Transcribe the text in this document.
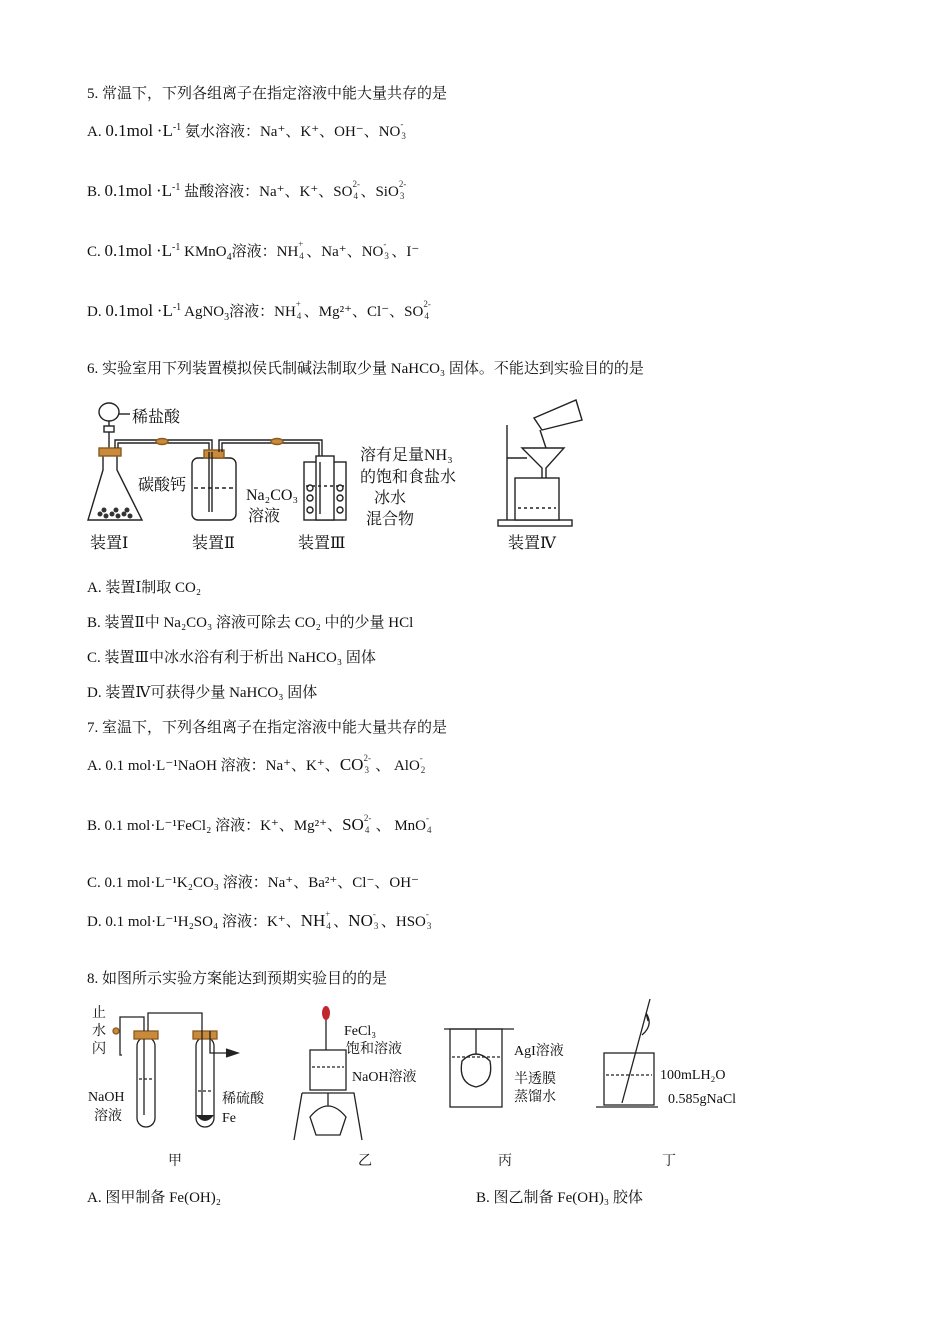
5. 常温下，下列各组离子在指定溶液中能大量共存的是
A. $0.1mol \cdot L^{-1}$ 氨水溶液：Na⁺、K⁺、OH⁻、NO
-
3
B. $0.1mol \cdot L^{-1}$ 盐酸溶液：Na⁺、K⁺、SO
2-
4 、SiO
2-
3
C. $0.1mol \cdot L^{-1}$ KMnO$_4$溶液：NH
+
4 、Na⁺、NO
-
3 、I⁻
D. $0.1mol \cdot L^{-1}$ AgNO$_3$溶液：NH
+
4 、Mg²⁺、Cl⁻、SO
2-
4
6. 实验室用下列装置模拟侯氏制碱法制取少量 NaHCO₃ 固体。不能达到实验目的的是
稀盐酸
碳酸钙
Na₂CO₃
溶液
溶有足量NH₃
的饱和食盐水
冰水
混合物
装置Ⅰ	装置Ⅱ	装置Ⅲ	装置Ⅳ
A. 装置Ⅰ制取 CO₂
B. 装置Ⅱ中 Na₂CO₃ 溶液可除去 CO₂ 中的少量 HCl
C. 装置Ⅲ中冰水浴有利于析出 NaHCO₃ 固体
D. 装置Ⅳ可获得少量 NaHCO₃ 固体
7. 室温下，下列各组离子在指定溶液中能大量共存的是
A. 0.1 mol·L⁻¹NaOH 溶液：Na⁺、K⁺、CO 2-
3 、 AlO
-
2
B. 0.1 mol·L⁻¹FeCl₂ 溶液：K⁺、Mg²⁺、SO 2-
4 、 MnO
-
4
C. 0.1 mol·L⁻¹K₂CO₃ 溶液：Na⁺、Ba²⁺、Cl⁻、OH⁻
D. 0.1 mol·L⁻¹H₂SO₄ 溶液：K⁺、NH +
4 、NO -
3 、HSO
-
3
8. 如图所示实验方案能达到预期实验目的的是
止
水
闪
NaOH
溶液
稀硫酸
Fe
FeCl₃
饱和溶液
NaOH溶液
AgI溶液
半透膜
蒸馏水
100mLH₂O
0.585gNaCl
甲	乙	丙	丁
A. 图甲制备 Fe(OH)₂	B. 图乙制备 Fe(OH)₃ 胶体
